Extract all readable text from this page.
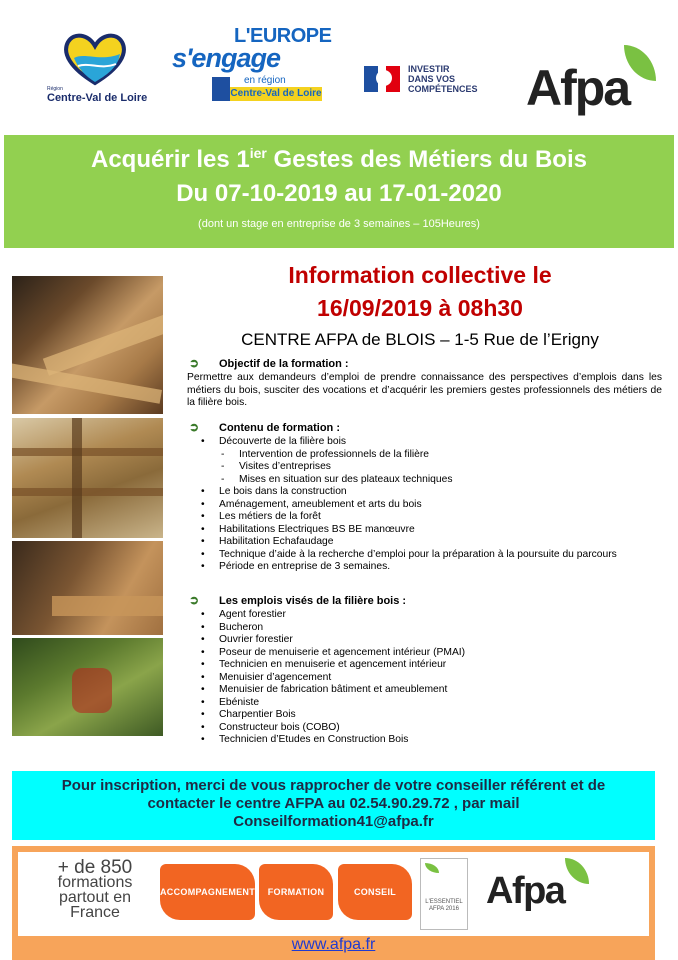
Région
Centre-Val de Loire
L'EUROPE
s'engage
en région
Centre-Val de Loire
INVESTIR
DANS VOS
COMPÉTENCES Afpa
Acquérir les $1^{ier}$ Gestes des Métiers du Bois
Du 07-10-2019 au 17-01-2020
(dont un stage en entreprise de 3 semaines – 105Heures)
Information collective le
16/09/2019 à 08h30
CENTRE AFPA de BLOIS – 1-5 Rue de l’Erigny
➲ Objectif de la formation :

Permettre aux demandeurs d’emploi de prendre connaissance des perspectives d’emplois dans les métiers du bois, susciter des vocations et d’acquérir les premiers gestes professionnels des métiers de la filière bois.

➲ Contenu de formation :
• Découverte de la filière bois
- Intervention de professionnels de la filière
- Visites d’entreprises
- Mises en situation sur des plateaux techniques
• Le bois dans la construction
• Aménagement, ameublement et arts du bois
• Les métiers de la forêt
• Habilitations Electriques BS BE manœuvre
• Habilitation Echafaudage
• Technique d’aide à la recherche d’emploi pour la préparation à la poursuite du parcours
• Période en entreprise de 3 semaines.
➲ Les emplois visés de la filière bois :
• Agent forestier
• Bucheron
• Ouvrier forestier
• Poseur de menuiserie et agencement intérieur (PMAI)
• Technicien en menuiserie et agencement intérieur
• Menuisier d’agencement
• Menuisier de fabrication bâtiment et ameublement
• Ebéniste
• Charpentier Bois
• Constructeur bois (COBO)
• Technicien d’Etudes en Construction Bois
Pour inscription, merci de vous rapprocher de votre conseiller référent et de
contacter le centre AFPA au 02.54.90.29.72 , par mail
Conseilformation41@afpa.fr
+ de 850
formations
partout en
France
ACCOMPAGNEMENT	FORMATION	CONSEIL
L'ESSENTIEL AFPA 2016 Afpa
www.afpa.fr
